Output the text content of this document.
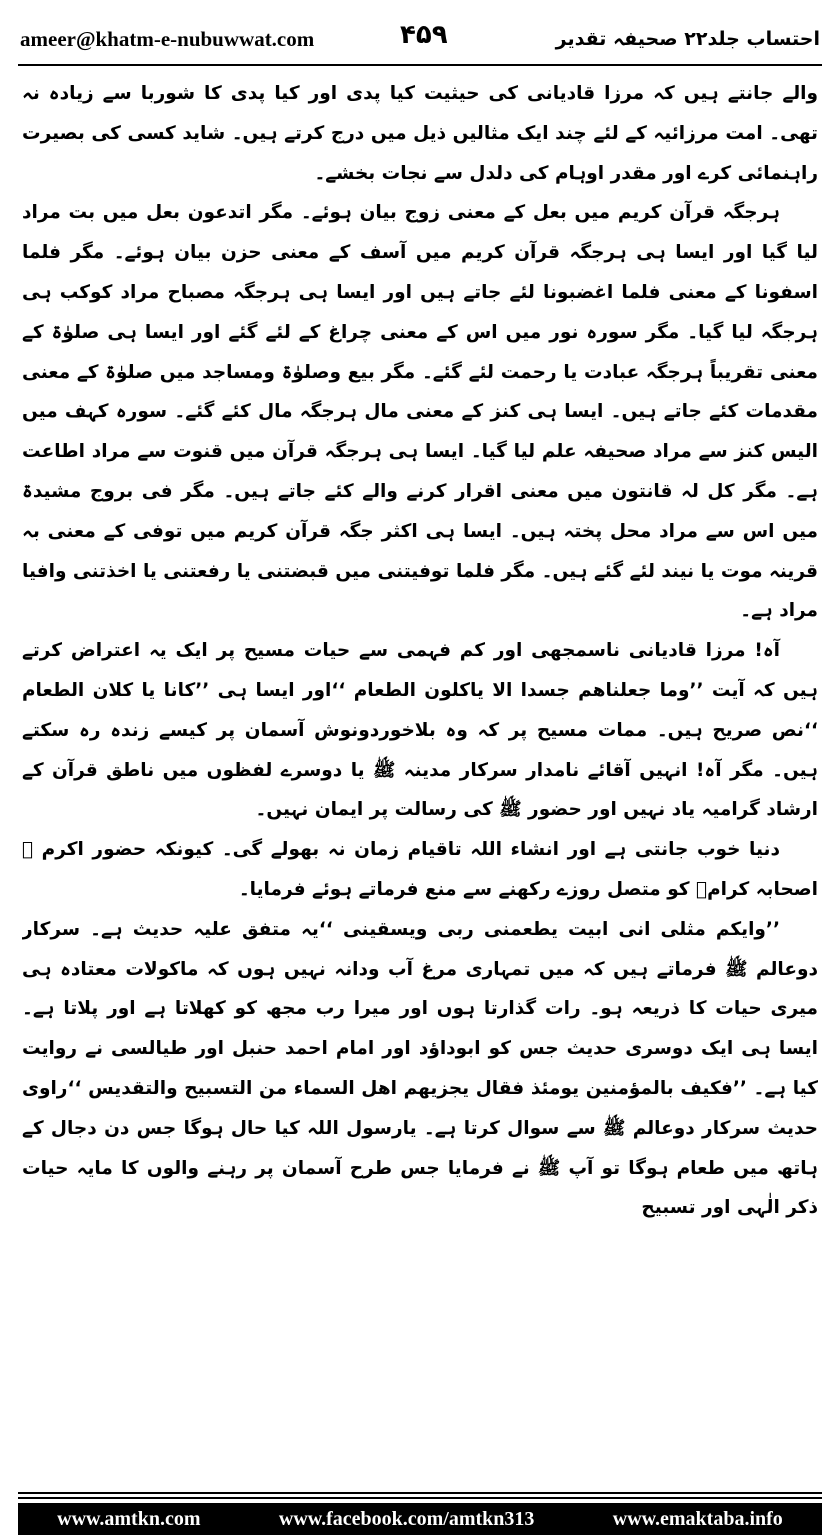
ameer@khatm-e-nubuwwat.com	۴۵۹	احتساب جلد۲۲ صحیفہ تقدیر

والے جانتے ہیں کہ مرزا قادیانی کی حیثیت کیا پدی اور کیا پدی کا شوربا سے زیادہ نہ تھی۔ امت مرزائیہ کے لئے چند ایک مثالیں ذیل میں درج کرتے ہیں۔ شاید کسی کی بصیرت راہنمائی کرے اور مقدر اوہام کی دلدل سے نجات بخشے۔

ہرجگہ قرآن کریم میں بعل کے معنی زوج بیان ہوئے۔ مگر اتدعون بعل میں بت مراد لیا گیا اور ایسا ہی ہرجگہ قرآن کریم میں آسف کے معنی حزن بیان ہوئے۔ مگر فلما اسفونا کے معنی فلما اغضبونا لئے جاتے ہیں اور ایسا ہی ہرجگہ مصباح مراد کوکب ہی ہرجگہ لیا گیا۔ مگر سورہ نور میں اس کے معنی چراغ کے لئے گئے اور ایسا ہی صلوٰۃ کے معنی تقریباً ہرجگہ عبادت یا رحمت لئے گئے۔ مگر بیع وصلوٰۃ ومساجد میں صلوٰۃ کے معنی مقدمات کئے جاتے ہیں۔ ایسا ہی کنز کے معنی مال ہرجگہ مال کئے گئے۔ سورہ کہف میں الیس کنز سے مراد صحیفہ علم لیا گیا۔ ایسا ہی ہرجگہ قرآن میں قنوت سے مراد اطاعت ہے۔ مگر کل لہ قانتون میں معنی اقرار کرنے والے کئے جاتے ہیں۔ مگر فی بروج مشیدۃ میں اس سے مراد محل پختہ ہیں۔ ایسا ہی اکثر جگہ قرآن کریم میں توفی کے معنی بہ قرینہ موت یا نیند لئے گئے ہیں۔ مگر فلما توفیتنی میں قبضتنی یا رفعتنی یا اخذتنی وافیا مراد ہے۔

آہ! مرزا قادیانی ناسمجھی اور کم فہمی سے حیات مسیح پر ایک یہ اعتراض کرتے ہیں کہ آیت ’’وما جعلناهم جسدا الا یاکلون الطعام ‘‘اور ایسا ہی ’’کانا یا کلان الطعام ‘‘نص صریح ہیں۔ ممات مسیح پر کہ وہ بلاخوردونوش آسمان پر کیسے زندہ رہ سکتے ہیں۔ مگر آہ! انہیں آقائے نامدار سرکار مدینہ ﷺ یا دوسرے لفظوں میں ناطق قرآن کے ارشاد گرامیہ یاد نہیں اور حضور ﷺ کی رسالت پر ایمان نہیں۔

دنیا خوب جانتی ہے اور انشاء اللہ تاقیام زمان نہ بھولے گی۔ کیونکہ حضور اکرم ﷺ اصحابہ کرامؓ کو متصل روزے رکھنے سے منع فرماتے ہوئے فرمایا۔

’’وایکم مثلی انی ابیت یطعمنی ربی ویسقینی ‘‘یہ متفق علیہ حدیث ہے۔ سرکار دوعالم ﷺ فرماتے ہیں کہ میں تمہاری مرغ آب ودانہ نہیں ہوں کہ ماکولات معتادہ ہی میری حیات کا ذریعہ ہو۔ رات گذارتا ہوں اور میرا رب مجھ کو کھلاتا ہے اور پلاتا ہے۔ ایسا ہی ایک دوسری حدیث جس کو ابوداؤد اور امام احمد حنبل اور طیالسی نے روایت کیا ہے۔ ’’فکیف بالمؤمنین یومئذ فقال یجزیهم اهل السماء من التسبیح والتقدیس ‘‘راوی حدیث سرکار دوعالم ﷺ سے سوال کرتا ہے۔ یارسول اللہ کیا حال ہوگا جس دن دجال کے ہاتھ میں طعام ہوگا تو آپ ﷺ نے فرمایا جس طرح آسمان پر رہنے والوں کا مایہ حیات ذکر الٰہی اور تسبیح

www.amtkn.com	www.facebook.com/amtkn313	www.emaktaba.info
